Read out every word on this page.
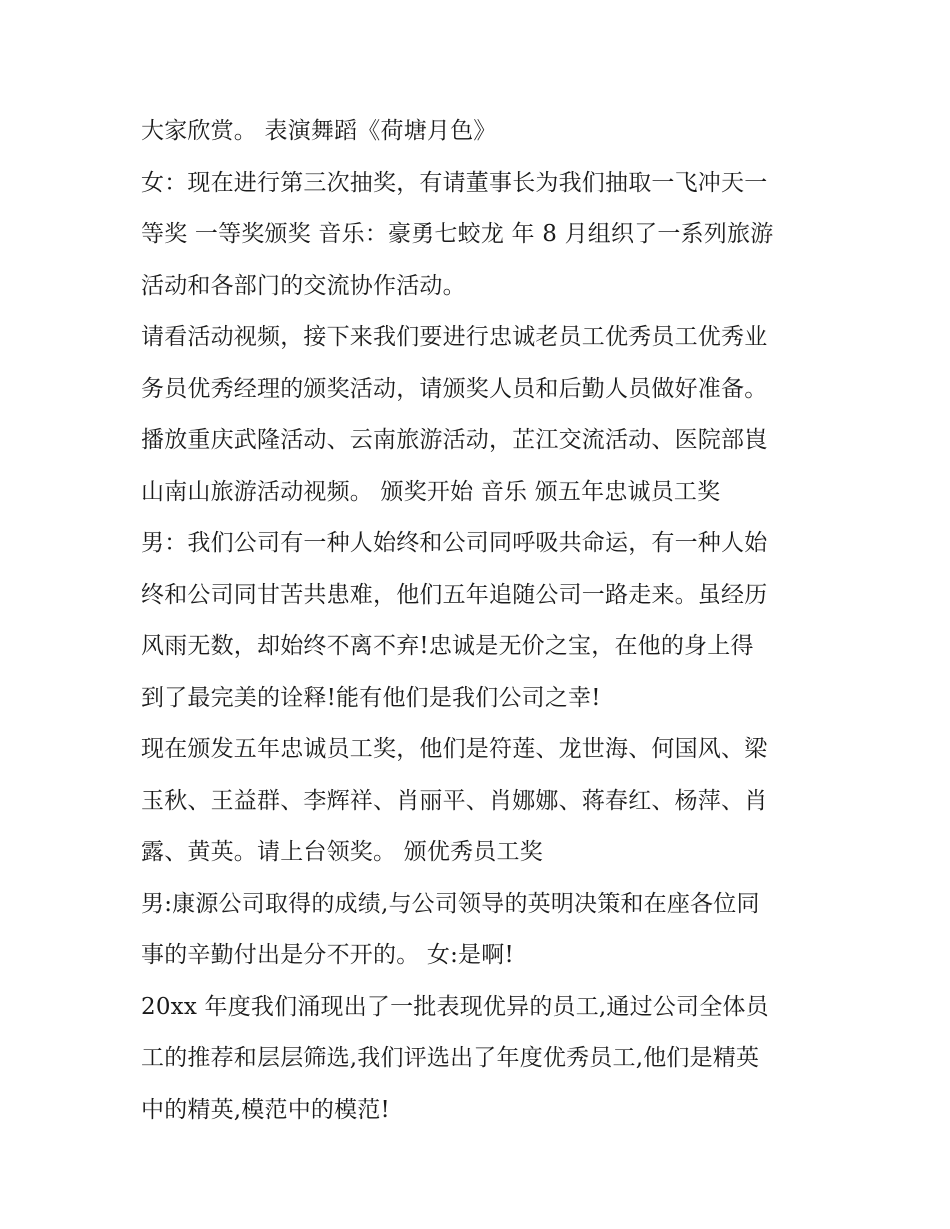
大家欣赏。 表演舞蹈《荷塘月色》
女：现在进行第三次抽奖，有请董事长为我们抽取一飞冲天一
等奖 一等奖颁奖 音乐：豪勇七蛟龙 年 8 月组织了一系列旅游
活动和各部门的交流协作活动。
请看活动视频，接下来我们要进行忠诚老员工优秀员工优秀业
务员优秀经理的颁奖活动，请颁奖人员和后勤人员做好准备。
播放重庆武隆活动、云南旅游活动，芷江交流活动、医院部崀
山南山旅游活动视频。 颁奖开始 音乐 颁五年忠诚员工奖
男：我们公司有一种人始终和公司同呼吸共命运，有一种人始
终和公司同甘苦共患难，他们五年追随公司一路走来。虽经历
风雨无数，却始终不离不弃!忠诚是无价之宝，在他的身上得
到了最完美的诠释!能有他们是我们公司之幸!
现在颁发五年忠诚员工奖，他们是符莲、龙世海、何国风、梁
玉秋、王益群、李辉祥、肖丽平、肖娜娜、蒋春红、杨萍、肖
露、黄英。请上台领奖。 颁优秀员工奖
男:康源公司取得的成绩,与公司领导的英明决策和在座各位同
事的辛勤付出是分不开的。 女:是啊!
20xx 年度我们涌现出了一批表现优异的员工,通过公司全体员
工的推荐和层层筛选,我们评选出了年度优秀员工,他们是精英
中的精英,模范中的模范!
